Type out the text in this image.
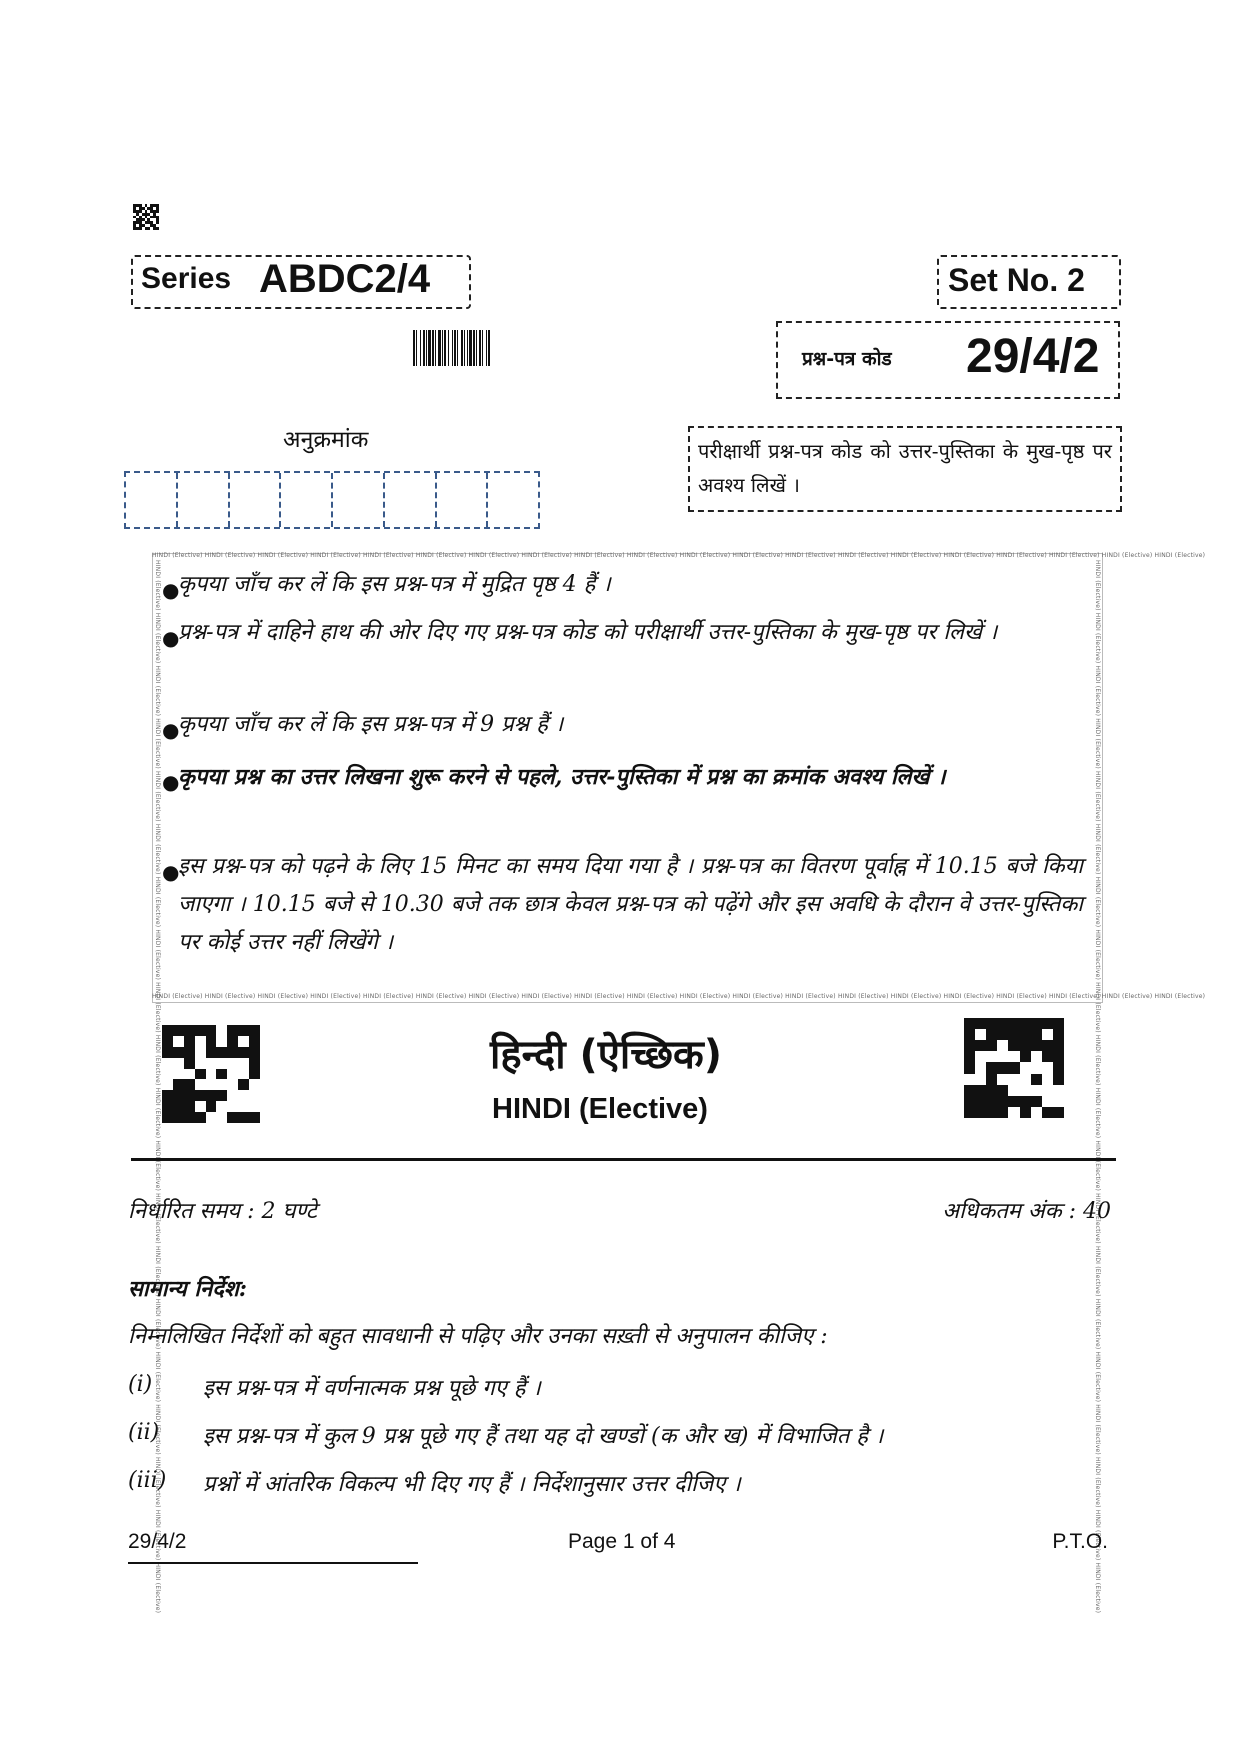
Series ABDC2/4	Set No. 2
प्रश्न-पत्र कोड 29/4/2
अनुक्रमांक	परीक्षार्थी प्रश्न-पत्र कोड को उत्तर-पुस्तिका के मुख-पृष्ठ पर अवश्य लिखें ।
HINDI (Elective) HINDI (Elective) HINDI (Elective) HINDI (Elective) HINDI (Elective) HINDI (Elective) HINDI (Elective) HINDI (Elective) HINDI (Elective) HINDI (Elective) HINDI (Elective) HINDI (Elective) HINDI (Elective) HINDI (Elective) HINDI (Elective) HINDI (Elective) HINDI (Elective) HINDI (Elective) HINDI (Elective) HINDI (Elective)
HINDI (Elective) HINDI (Elective) HINDI (Elective) HINDI (Elective) HINDI (Elective) HINDI (Elective) HINDI (Elective) HINDI (Elective) HINDI (Elective) HINDI (Elective) HINDI (Elective) HINDI (Elective) HINDI (Elective) HINDI (Elective) HINDI (Elective) HINDI (Elective) HINDI (Elective) HINDI (Elective) HINDI (Elective) HINDI (Elective)
HINDI (Elective) HINDI (Elective) HINDI (Elective) HINDI (Elective) HINDI (Elective) HINDI (Elective) HINDI (Elective) HINDI (Elective) HINDI (Elective) HINDI (Elective) HINDI (Elective) HINDI (Elective) HINDI (Elective) HINDI (Elective) HINDI (Elective) HINDI (Elective) HINDI (Elective) HINDI (Elective) HINDI (Elective) HINDI (Elective)	HINDI (Elective) HINDI (Elective) HINDI (Elective) HINDI (Elective) HINDI (Elective) HINDI (Elective) HINDI (Elective) HINDI (Elective) HINDI (Elective) HINDI (Elective) HINDI (Elective) HINDI (Elective) HINDI (Elective) HINDI (Elective) HINDI (Elective) HINDI (Elective) HINDI (Elective) HINDI (Elective) HINDI (Elective) HINDI (Elective)
●
कृपया जाँच कर लें कि इस प्रश्न-पत्र में मुद्रित पृष्ठ 4 हैं ।
●
प्रश्न-पत्र में दाहिने हाथ की ओर दिए गए प्रश्न-पत्र कोड को परीक्षार्थी उत्तर-पुस्तिका के मुख-पृष्ठ पर लिखें ।
●
कृपया जाँच कर लें कि इस प्रश्न-पत्र में 9 प्रश्न हैं ।
●
कृपया प्रश्न का उत्तर लिखना शुरू करने से पहले, उत्तर-पुस्तिका में प्रश्न का क्रमांक अवश्य लिखें ।
●
इस प्रश्न-पत्र को पढ़ने के लिए 15 मिनट का समय दिया गया है । प्रश्न-पत्र का वितरण पूर्वाह्न में 10.15 बजे किया जाएगा । 10.15 बजे से 10.30 बजे तक छात्र केवल प्रश्न-पत्र को पढ़ेंगे और इस अवधि के दौरान वे उत्तर-पुस्तिका पर कोई उत्तर नहीं लिखेंगे ।
हिन्दी (ऐच्छिक)
HINDI (Elective)
निर्धारित समय : 2 घण्टे	अधिकतम अंक : 40
सामान्य निर्देश:
निम्नलिखित निर्देशों को बहुत सावधानी से पढ़िए और उनका सख़्ती से अनुपालन कीजिए :
(i) इस प्रश्न-पत्र में वर्णनात्मक प्रश्न पूछे गए हैं ।
(ii) इस प्रश्न-पत्र में कुल 9 प्रश्न पूछे गए हैं तथा यह दो खण्डों (क और ख) में विभाजित है ।
(iii) प्रश्नों में आंतरिक विकल्प भी दिए गए हैं । निर्देशानुसार उत्तर दीजिए ।
29/4/2	Page 1 of 4	P.T.O.
